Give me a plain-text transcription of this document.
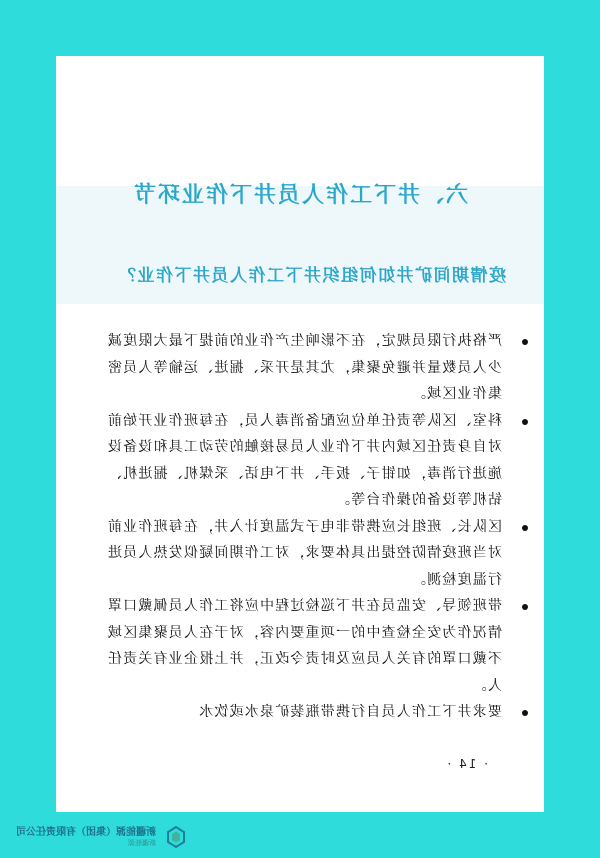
六、井下工作人员井下作业环节
疫情期间矿井如何组织井下工作人员井下作业？
严格执行限员规定，在不影响生产作业的前提下最大限度减少人员数量并避免聚集，尤其是开采、掘进、运输等人员密集作业区域。
科室、区队等责任单位应配备消毒人员，在每班作业开始前对自身责任区域内井下作业人员易接触的劳动工具和设备设施进行消毒，如钳子、扳手、井下电话、采煤机、掘进机、钻机等设备的操作台等。
区队长、班组长应携带非电子式温度计入井，在每班作业前对当班疫情防控提出具体要求，对工作期间疑似发热人员进行温度检测。
带班领导、安监员在井下巡检过程中应将工作人员佩戴口罩情况作为安全检查中的一项重要内容，对于在人员聚集区域不戴口罩的有关人员应及时责令改正，并上报企业有关责任人。
要求井下工作人员自行携带瓶装矿泉水或饮水
· 14 ·
新疆能源（集团）有限责任公司
新疆能源
